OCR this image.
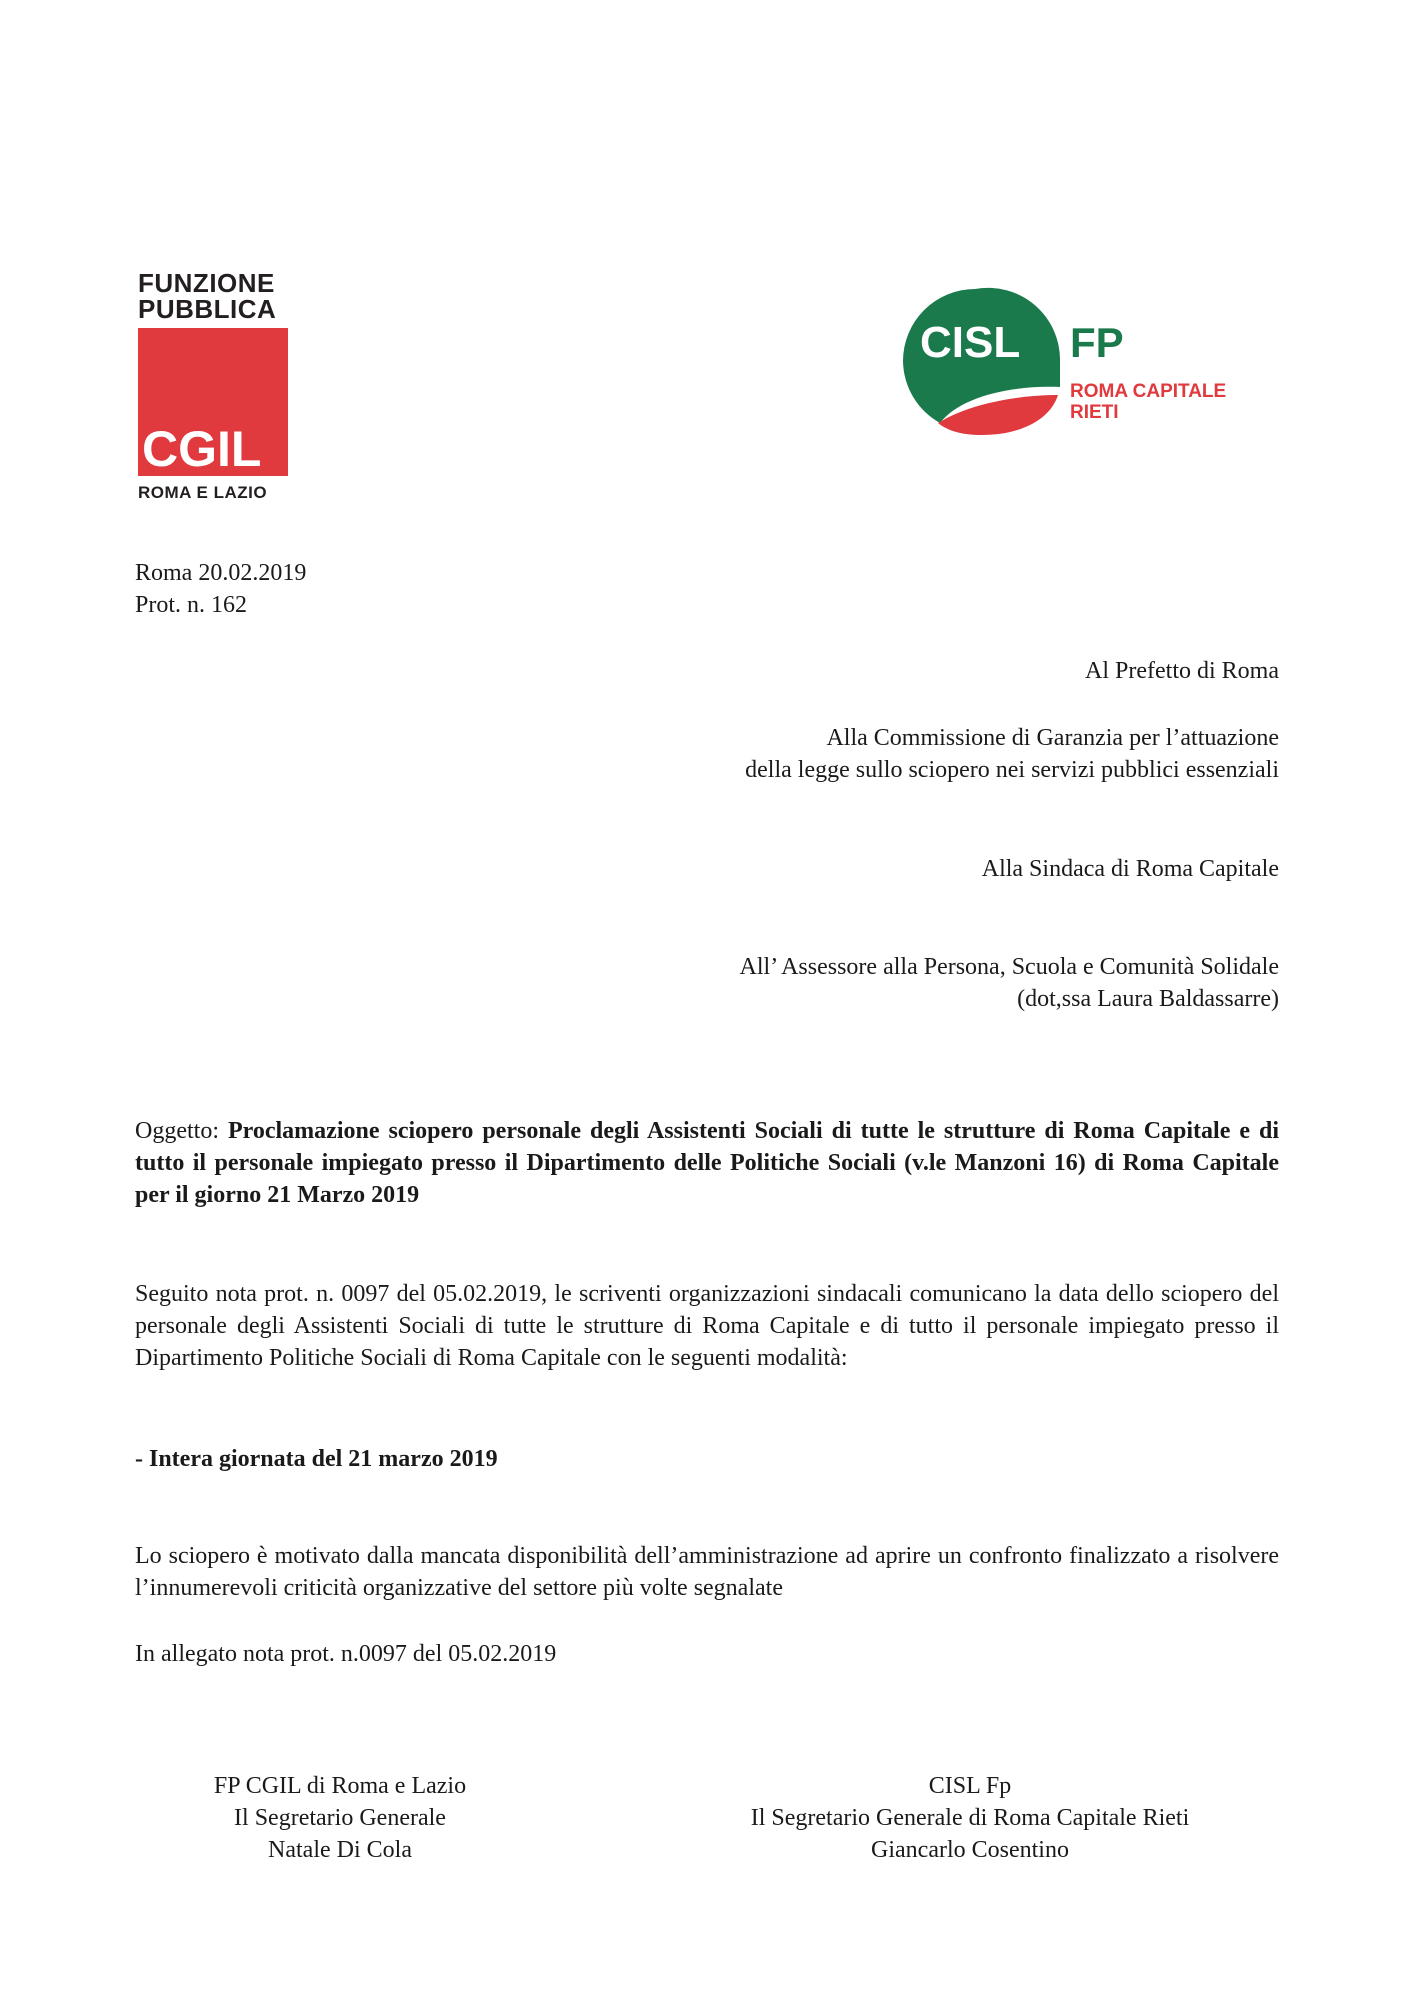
FUNZIONE
PUBBLICA
CGIL
ROMA E LAZIO
CISL FP
ROMA CAPITALE
RIETI
Roma 20.02.2019
Prot. n. 162
Al Prefetto di Roma
Alla Commissione di Garanzia per l’attuazione
della legge sullo sciopero nei servizi pubblici essenziali
Alla Sindaca di Roma Capitale
All’ Assessore alla Persona, Scuola e Comunità Solidale
(dot,ssa Laura Baldassarre)

Oggetto: Proclamazione sciopero personale degli Assistenti Sociali di tutte le strutture di Roma Capitale e di tutto il personale impiegato presso il Dipartimento delle Politiche Sociali (v.le Manzoni 16) di Roma Capitale per il giorno 21 Marzo 2019

Seguito nota prot. n. 0097 del 05.02.2019, le scriventi organizzazioni sindacali comunicano la data dello sciopero del personale degli Assistenti Sociali di tutte le strutture di Roma Capitale e di tutto il personale impiegato presso il Dipartimento Politiche Sociali di Roma Capitale con le seguenti modalità:

- Intera giornata del 21 marzo 2019

Lo sciopero è motivato dalla mancata disponibilità dell’amministrazione ad aprire un confronto finalizzato a risolvere l’innumerevoli criticità organizzative del settore più volte segnalate

In allegato nota prot. n.0097 del 05.02.2019

FP CGIL di Roma e Lazio
Il Segretario Generale
Natale Di Cola
CISL Fp
Il Segretario Generale di Roma Capitale Rieti
Giancarlo Cosentino
